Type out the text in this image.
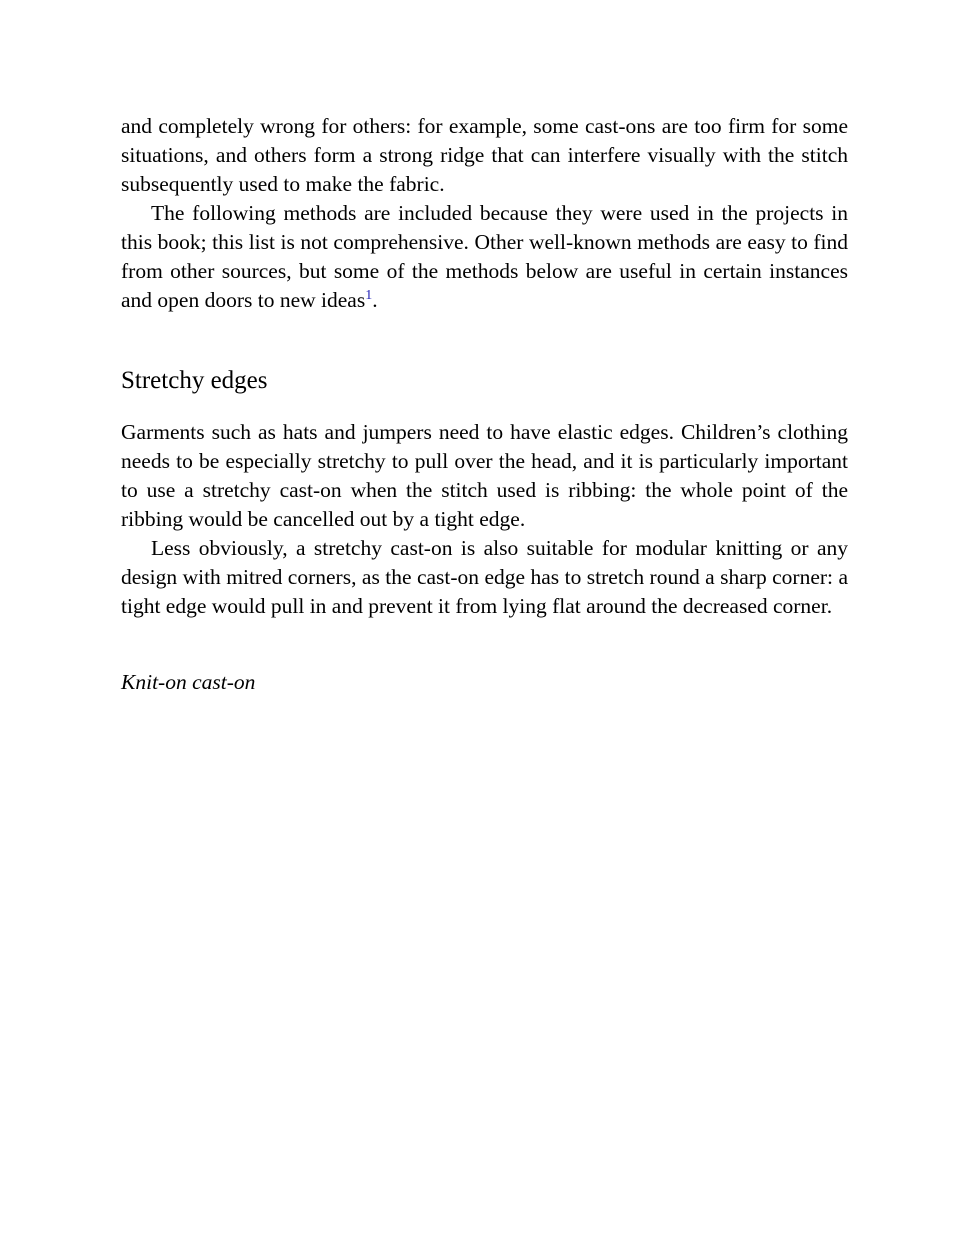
and completely wrong for others: for example, some cast-ons are too firm for some situations, and others form a strong ridge that can interfere visually with the stitch subsequently used to make the fabric.

The following methods are included because they were used in the projects in this book; this list is not comprehensive. Other well-known methods are easy to find from other sources, but some of the methods below are useful in certain instances and open doors to new ideas$^1$.

Stretchy edges

Garments such as hats and jumpers need to have elastic edges. Children’s clothing needs to be especially stretchy to pull over the head, and it is particularly important to use a stretchy cast-on when the stitch used is ribbing: the whole point of the ribbing would be cancelled out by a tight edge.

Less obviously, a stretchy cast-on is also suitable for modular knitting or any design with mitred corners, as the cast-on edge has to stretch round a sharp corner: a tight edge would pull in and prevent it from lying flat around the decreased corner.

Knit-on cast-on
